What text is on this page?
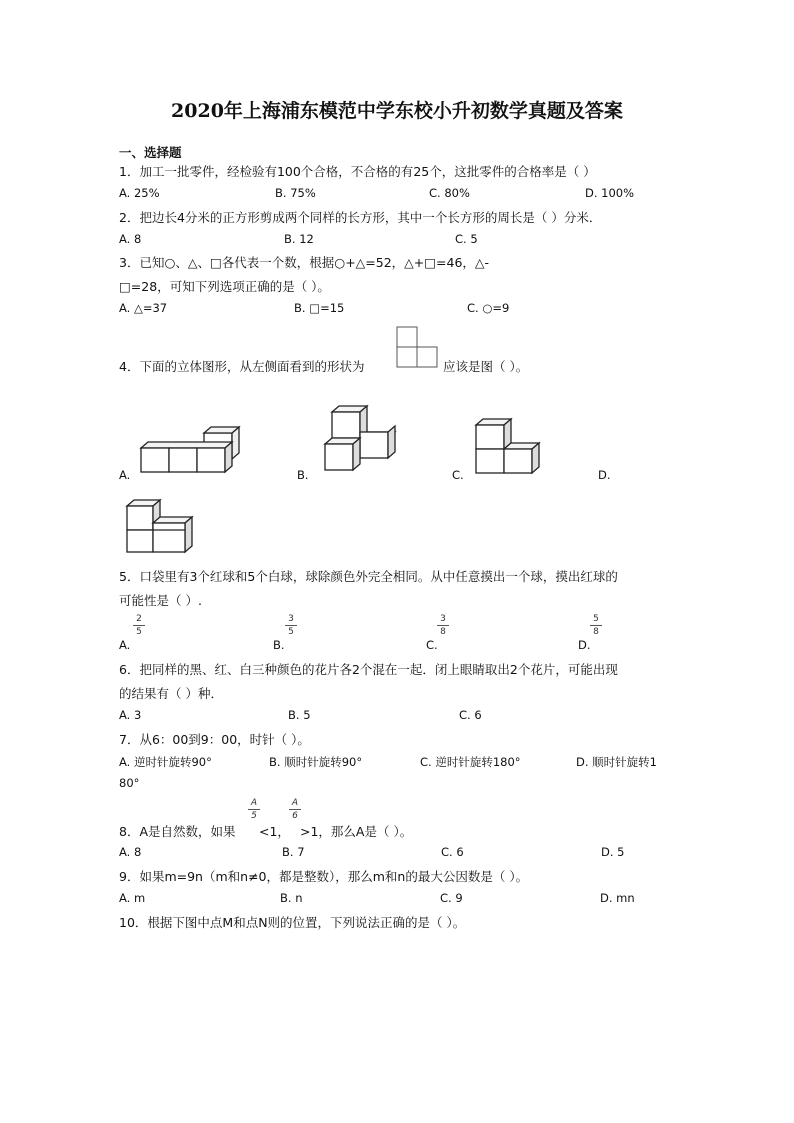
2020年上海浦东模范中学东校小升初数学真题及答案
一、选择题
1．加工一批零件，经检验有100个合格，不合格的有25个，这批零件的合格率是（ ）
A. 25%	B. 75%	C. 80%	D. 100%
2．把边长4分米的正方形剪成两个同样的长方形，其中一个长方形的周长是（ ）分米．
A. 8	B. 12	C. 5
3．已知○、△、□各代表一个数，根据○+△=52，△+□=46，△-
□=28，可知下列选项正确的是（ ）。
A. △=37	B. □=15	C. ○=9
4．下面的立体图形，从左侧面看到的形状为	应该是图（ ）。
A.	B.	C.	D.
5．口袋里有3个红球和5个白球，球除颜色外完全相同。从中任意摸出一个球，摸出红球的
可能性是（ ）.
A.
2
5
B.
3
5
C.
3
8
D.
5
8
6．把同样的黑、红、白三种颜色的花片各2个混在一起．闭上眼睛取出2个花片，可能出现
的结果有（ ）种．
A. 3	B. 5	C. 6
7．从6：00到9：00，时针（ ）。
A. 逆时针旋转90°	B. 顺时针旋转90°	C. 逆时针旋转180°	D. 顺时针旋转1
80°
8．A是自然数，如果
A
5
<1，
A
6
>1，那么A是（ ）。
A. 8	B. 7	C. 6	D. 5
9．如果m=9n（m和n≠0，都是整数），那么m和n的最大公因数是（ ）。
A. m	B. n	C. 9	D. mn
10．根据下图中点M和点N则的位置，下列说法正确的是（ ）。
